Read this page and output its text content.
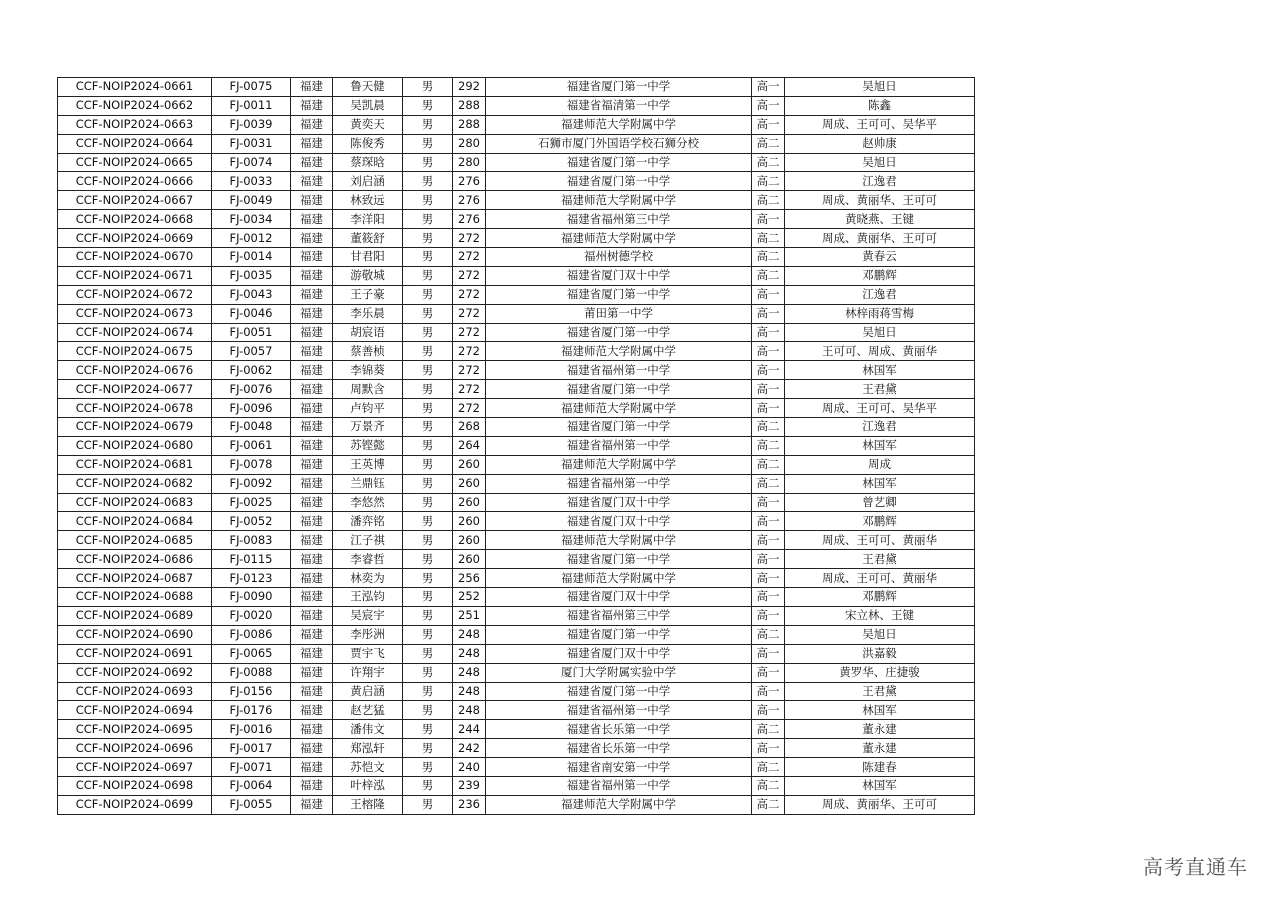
CCF-NOIP2024-0661	FJ-0075	福建	鲁天健	男	292	福建省厦门第一中学	高一	吴旭日
CCF-NOIP2024-0662	FJ-0011	福建	吴凯晨	男	288	福建省福清第一中学	高一	陈鑫
CCF-NOIP2024-0663	FJ-0039	福建	黄奕天	男	288	福建师范大学附属中学	高一	周成、王可可、吴华平
CCF-NOIP2024-0664	FJ-0031	福建	陈俊秀	男	280	石狮市厦门外国语学校石狮分校	高二	赵帅康
CCF-NOIP2024-0665	FJ-0074	福建	蔡琛晗	男	280	福建省厦门第一中学	高二	吴旭日
CCF-NOIP2024-0666	FJ-0033	福建	刘启涵	男	276	福建省厦门第一中学	高二	江逸君
CCF-NOIP2024-0667	FJ-0049	福建	林致远	男	276	福建师范大学附属中学	高二	周成、黄丽华、王可可
CCF-NOIP2024-0668	FJ-0034	福建	李洋阳	男	276	福建省福州第三中学	高一	黄晓燕、王键
CCF-NOIP2024-0669	FJ-0012	福建	董筱舒	男	272	福建师范大学附属中学	高二	周成、黄丽华、王可可
CCF-NOIP2024-0670	FJ-0014	福建	甘君阳	男	272	福州树德学校	高二	黄春云
CCF-NOIP2024-0671	FJ-0035	福建	游敬城	男	272	福建省厦门双十中学	高二	邓鹏辉
CCF-NOIP2024-0672	FJ-0043	福建	王子豪	男	272	福建省厦门第一中学	高一	江逸君
CCF-NOIP2024-0673	FJ-0046	福建	李乐晨	男	272	莆田第一中学	高一	林梓雨蒋雪梅
CCF-NOIP2024-0674	FJ-0051	福建	胡宸语	男	272	福建省厦门第一中学	高一	吴旭日
CCF-NOIP2024-0675	FJ-0057	福建	蔡善桢	男	272	福建师范大学附属中学	高一	王可可、周成、黄丽华
CCF-NOIP2024-0676	FJ-0062	福建	李锦葵	男	272	福建省福州第一中学	高一	林国军
CCF-NOIP2024-0677	FJ-0076	福建	周默含	男	272	福建省厦门第一中学	高一	王君黛
CCF-NOIP2024-0678	FJ-0096	福建	卢钧平	男	272	福建师范大学附属中学	高一	周成、王可可、吴华平
CCF-NOIP2024-0679	FJ-0048	福建	万景齐	男	268	福建省厦门第一中学	高二	江逸君
CCF-NOIP2024-0680	FJ-0061	福建	苏铿懿	男	264	福建省福州第一中学	高二	林国军
CCF-NOIP2024-0681	FJ-0078	福建	王英博	男	260	福建师范大学附属中学	高二	周成
CCF-NOIP2024-0682	FJ-0092	福建	兰鼎钰	男	260	福建省福州第一中学	高二	林国军
CCF-NOIP2024-0683	FJ-0025	福建	李悠然	男	260	福建省厦门双十中学	高一	曾艺卿
CCF-NOIP2024-0684	FJ-0052	福建	潘弈铭	男	260	福建省厦门双十中学	高一	邓鹏辉
CCF-NOIP2024-0685	FJ-0083	福建	江子祺	男	260	福建师范大学附属中学	高一	周成、王可可、黄丽华
CCF-NOIP2024-0686	FJ-0115	福建	李睿哲	男	260	福建省厦门第一中学	高一	王君黛
CCF-NOIP2024-0687	FJ-0123	福建	林奕为	男	256	福建师范大学附属中学	高一	周成、王可可、黄丽华
CCF-NOIP2024-0688	FJ-0090	福建	王泓钧	男	252	福建省厦门双十中学	高一	邓鹏辉
CCF-NOIP2024-0689	FJ-0020	福建	吴宸宇	男	251	福建省福州第三中学	高一	宋立林、王键
CCF-NOIP2024-0690	FJ-0086	福建	李彤洲	男	248	福建省厦门第一中学	高二	吴旭日
CCF-NOIP2024-0691	FJ-0065	福建	贾宇飞	男	248	福建省厦门双十中学	高一	洪嘉毅
CCF-NOIP2024-0692	FJ-0088	福建	许翔宇	男	248	厦门大学附属实验中学	高一	黄罗华、庄捷骏
CCF-NOIP2024-0693	FJ-0156	福建	黄启涵	男	248	福建省厦门第一中学	高一	王君黛
CCF-NOIP2024-0694	FJ-0176	福建	赵艺猛	男	248	福建省福州第一中学	高一	林国军
CCF-NOIP2024-0695	FJ-0016	福建	潘伟文	男	244	福建省长乐第一中学	高二	董永建
CCF-NOIP2024-0696	FJ-0017	福建	郑泓轩	男	242	福建省长乐第一中学	高一	董永建
CCF-NOIP2024-0697	FJ-0071	福建	苏恺文	男	240	福建省南安第一中学	高二	陈建春
CCF-NOIP2024-0698	FJ-0064	福建	叶梓泓	男	239	福建省福州第一中学	高二	林国军
CCF-NOIP2024-0699	FJ-0055	福建	王榕隆	男	236	福建师范大学附属中学	高二	周成、黄丽华、王可可
高考直通车
